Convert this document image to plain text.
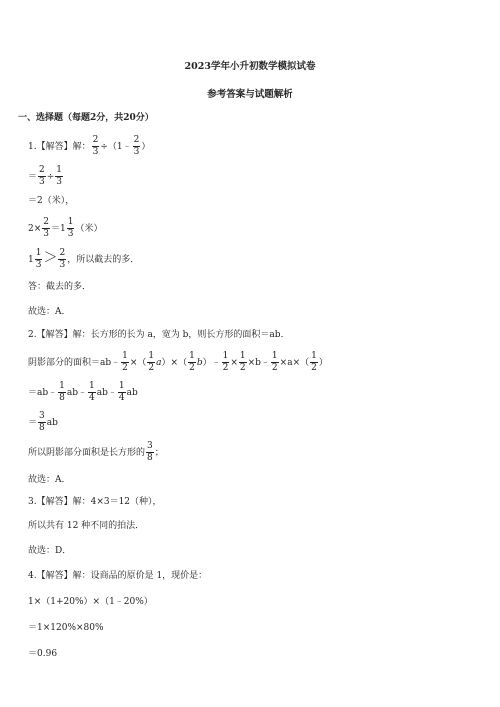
2023学年小升初数学模拟试卷
参考答案与试题解析
一、选择题（每题2分，共20分）
1.【解答】解： $\frac{2}{3}$ ÷（1﹣ $\frac{2}{3}$ ）
＝ $\frac{2}{3} \div \frac{1}{3}$
＝2（米），
$2\times \frac{2}{3} =1 \frac{1}{3}$ （米）
$1 \frac{1}{3} > \frac{2}{3}$ ，所以截去的多．
答：截去的多．
故选：A．
2.【解答】解：长方形的长为 a，宽为 b，则长方形的面积＝ab．
阴影部分的面积＝ab﹣ $\frac{1}{2}$ ×（ $\frac{1}{2} a)\times( \frac{1}{2}$ b）﹣ $\frac{1}{2} \times \frac{1}{2}$ ×b﹣ $\frac{1}{2} \times a\times( \frac{1}{2}$ ）
＝ab﹣ $\frac{1}{8}$ ab﹣ $\frac{1}{4}$ ab﹣ $\frac{1}{4}$ ab
＝ $\frac{3}{8}$ ab
所以阴影部分面积是长方形的 $\frac{3}{8}$ ；
故选：A．
3.【解答】解：4×3＝12（种），
所以共有 12 种不同的拍法．
故选：D．
4.【解答】解：设商品的原价是 1，现价是：
1×（1+20%）×（1﹣20%）
＝1×120%×80%
＝0.96
